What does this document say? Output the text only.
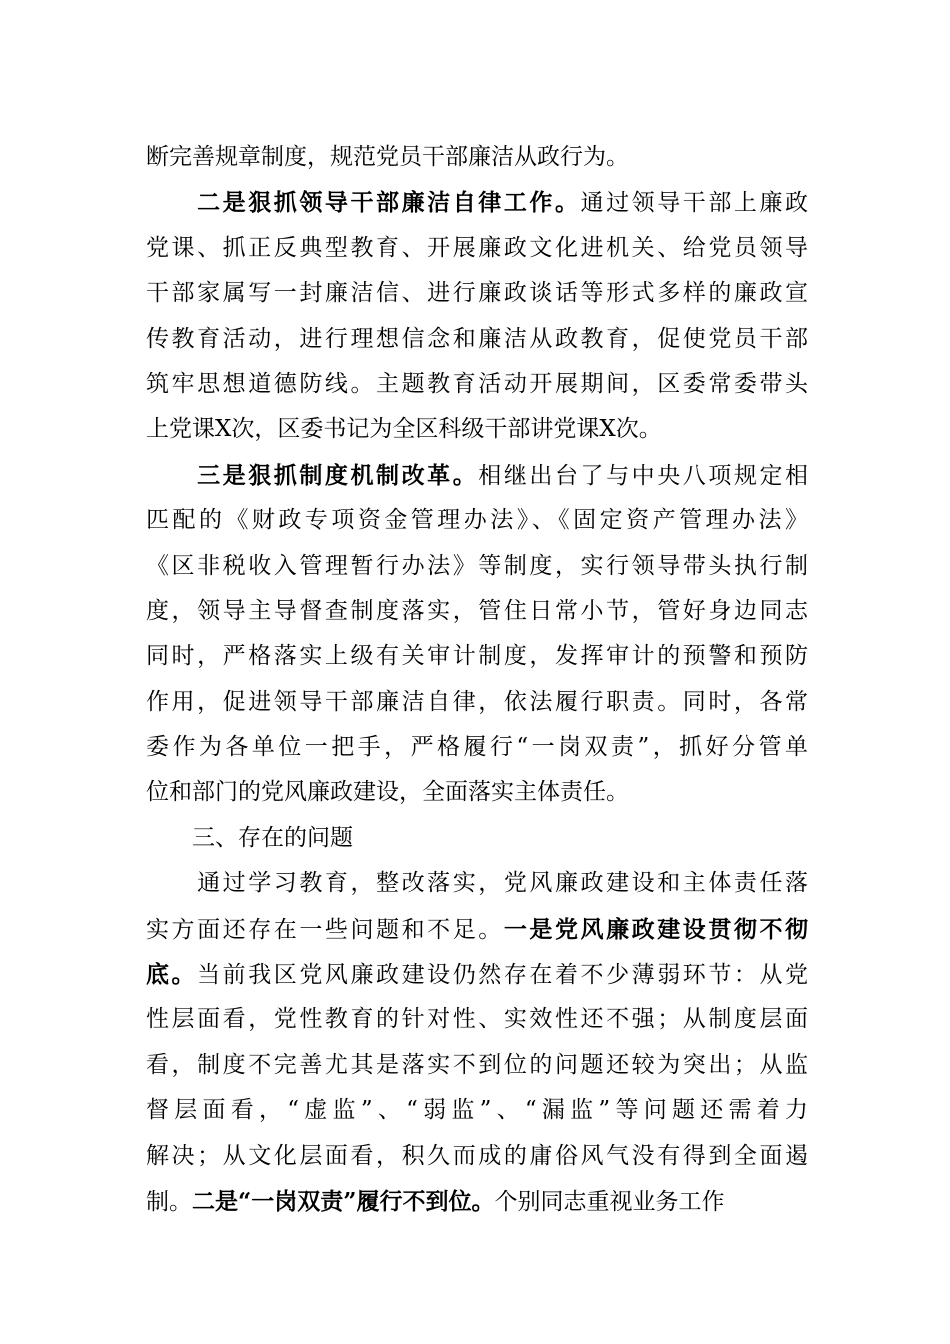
断完善规章制度，规范党员干部廉洁从政行为。
　　二是狠抓领导干部廉洁自律工作。通过领导干部上廉政
党课、抓正反典型教育、开展廉政文化进机关、给党员领导
干部家属写一封廉洁信、进行廉政谈话等形式多样的廉政宣
传教育活动，进行理想信念和廉洁从政教育，促使党员干部
筑牢思想道德防线。主题教育活动开展期间，区委常委带头
上党课X次，区委书记为全区科级干部讲党课X次。
　　三是狠抓制度机制改革。相继出台了与中央八项规定相
匹配的《财政专项资金管理办法》、《固定资产管理办法》
《区非税收入管理暂行办法》等制度，实行领导带头执行制
度，领导主导督查制度落实，管住日常小节，管好身边同志
同时，严格落实上级有关审计制度，发挥审计的预警和预防
作用，促进领导干部廉洁自律，依法履行职责。同时，各常
委作为各单位一把手，严格履行“一岗双责”，抓好分管单
位和部门的党风廉政建设，全面落实主体责任。
　　三、存在的问题
　　通过学习教育，整改落实，党风廉政建设和主体责任落
实方面还存在一些问题和不足。一是党风廉政建设贯彻不彻
底。当前我区党风廉政建设仍然存在着不少薄弱环节：从党
性层面看，党性教育的针对性、实效性还不强；从制度层面
看，制度不完善尤其是落实不到位的问题还较为突出；从监
督层面看，“虚监”、“弱监”、“漏监”等问题还需着力
解决；从文化层面看，积久而成的庸俗风气没有得到全面遏
制。二是“一岗双责”履行不到位。个别同志重视业务工作
